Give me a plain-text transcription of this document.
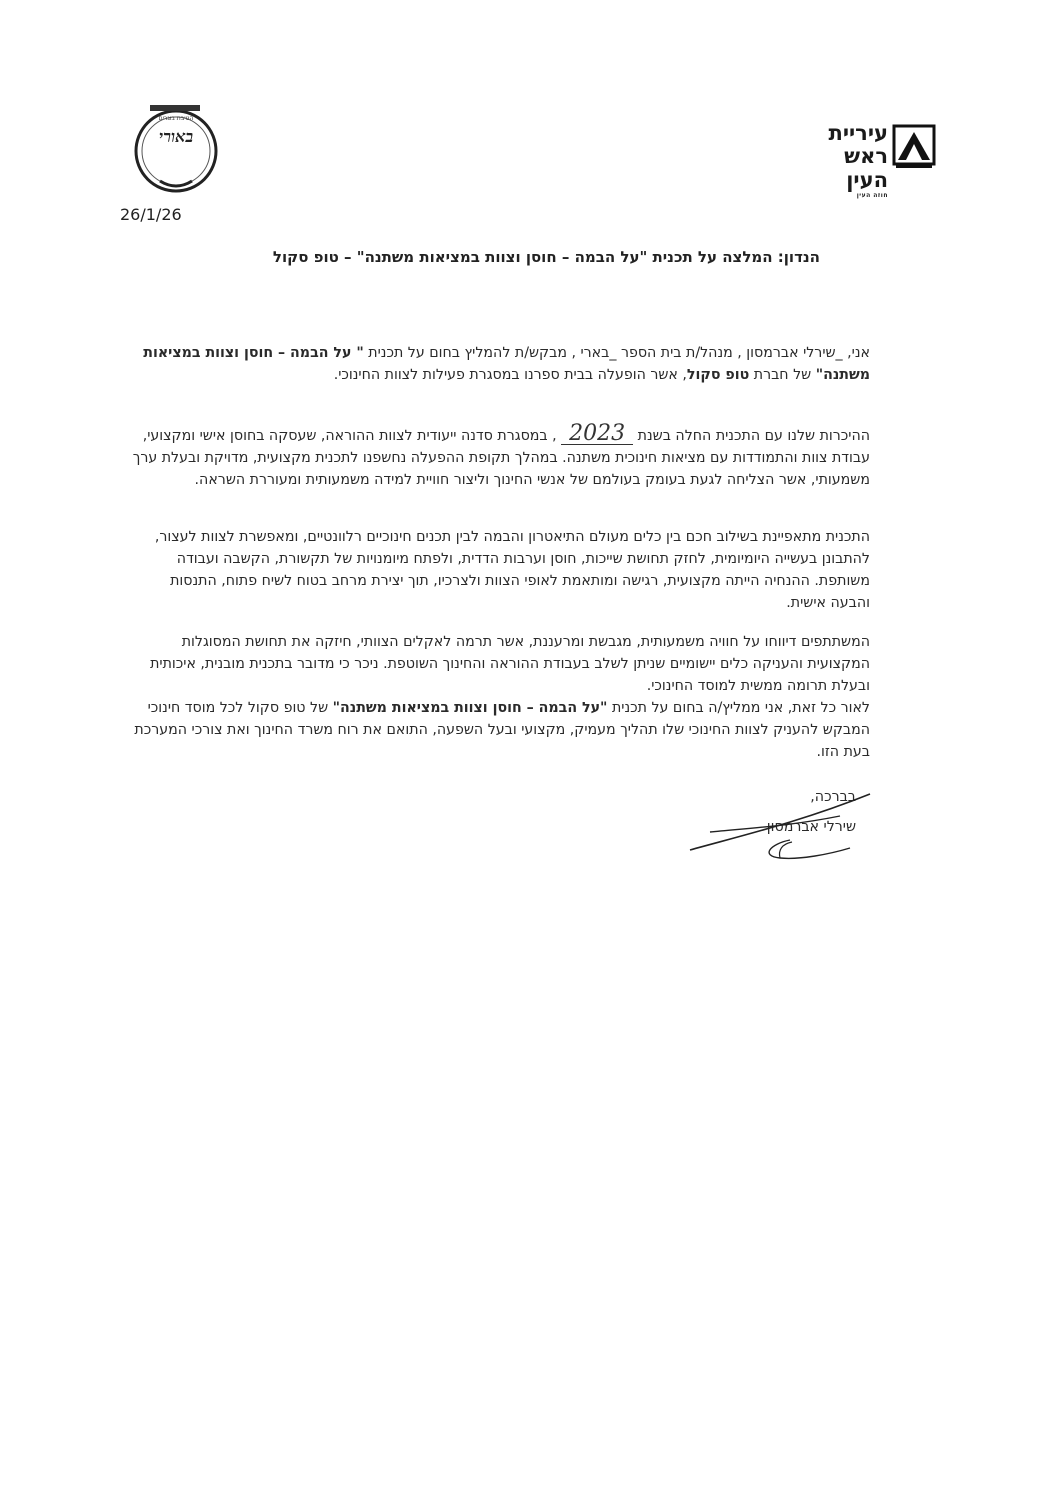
עיריית
ראש העין
חוזה העין
הטיבת בוגרים
באורי
26/1/26
הנדון: המלצה על תכנית "על הבמה – חוסן וצוות במציאות משתנה" – טופ סקול
אני, _שירלי אברמסון , מנהל/ת בית הספר _בארי , מבקש/ת להמליץ בחום על תכנית " על הבמה – חוסן וצוות במציאות משתנה" של חברת טופ סקול, אשר הופעלה בבית ספרנו במסגרת פעילות לצוות החינוכי.
ההיכרות שלנו עם התכנית החלה בשנת 2023 , במסגרת סדנה ייעודית לצוות ההוראה, שעסקה בחוסן אישי ומקצועי, עבודת צוות והתמודדות עם מציאות חינוכית משתנה. במהלך תקופת ההפעלה נחשפנו לתכנית מקצועית, מדויקת ובעלת ערך משמעותי, אשר הצליחה לגעת בעומק בעולמם של אנשי החינוך וליצור חוויית למידה משמעותית ומעוררת השראה.
התכנית מתאפיינת בשילוב חכם בין כלים מעולם התיאטרון והבמה לבין תכנים חינוכיים רלוונטיים, ומאפשרת לצוות לעצור, להתבונן בעשייה היומיומית, לחזק תחושת שייכות, חוסן וערבות הדדית, ולפתח מיומנויות של תקשורת, הקשבה ועבודה משותפת. ההנחיה הייתה מקצועית, רגישה ומותאמת לאופי הצוות ולצרכיו, תוך יצירת מרחב בטוח לשיח פתוח, התנסות והבעה אישית.
המשתתפים דיווחו על חוויה משמעותית, מגבשת ומרעננת, אשר תרמה לאקלים הצוותי, חיזקה את תחושת המסוגלות המקצועית והעניקה כלים יישומיים שניתן לשלב בעבודת ההוראה והחינוך השוטפת. ניכר כי מדובר בתכנית מובנית, איכותית ובעלת תרומה ממשית למוסד החינוכי.
לאור כל זאת, אני ממליץ/ה בחום על תכנית "על הבמה – חוסן וצוות במציאות משתנה" של טופ סקול לכל מוסד חינוכי המבקש להעניק לצוות החינוכי שלו תהליך מעמיק, מקצועי ובעל השפעה, התואם את רוח משרד החינוך ואת צורכי המערכת בעת הזו.
בברכה,
שירלי אברמסון
